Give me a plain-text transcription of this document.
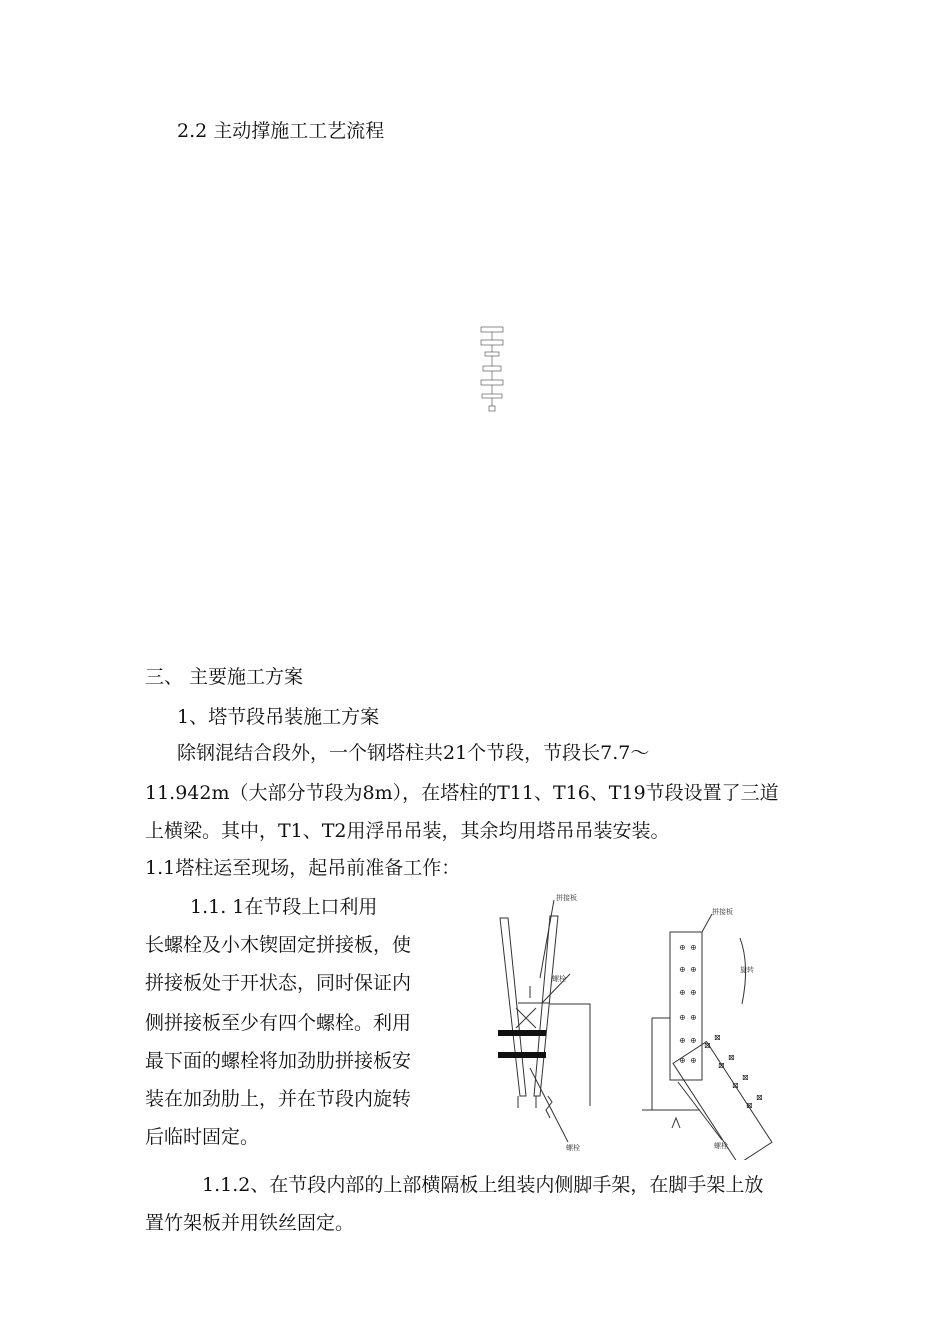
2.2 主动撑施工工艺流程
三、 主要施工方案
1、塔节段吊装施工方案
除钢混结合段外，一个钢塔柱共21个节段，节段长7.7～
11.942m（大部分节段为8m），在塔柱的T11、T16、T19节段设置了三道
上横梁。其中，T1、T2用浮吊吊装，其余均用塔吊吊装安装。
1.1塔柱运至现场，起吊前准备工作：
1.1. 1在节段上口利用
长螺栓及小木锲固定拼接板，使
拼接板处于开状态，同时保证内
侧拼接板至少有四个螺栓。利用
最下面的螺栓将加劲肋拼接板安
装在加劲肋上，并在节段内旋转
后临时固定。
拼接板
螺栓
螺栓
⊕ ⊕
⊕ ⊕
⊕ ⊕
⊕ ⊕
⊕ ⊕
⊕ ⊕
⊠
⊠
⊠
⊠
⊠
⊠
⊠
⊠
拼接板
旋转
螺栓
1.1.2、在节段内部的上部横隔板上组装内侧脚手架，在脚手架上放
置竹架板并用铁丝固定。
